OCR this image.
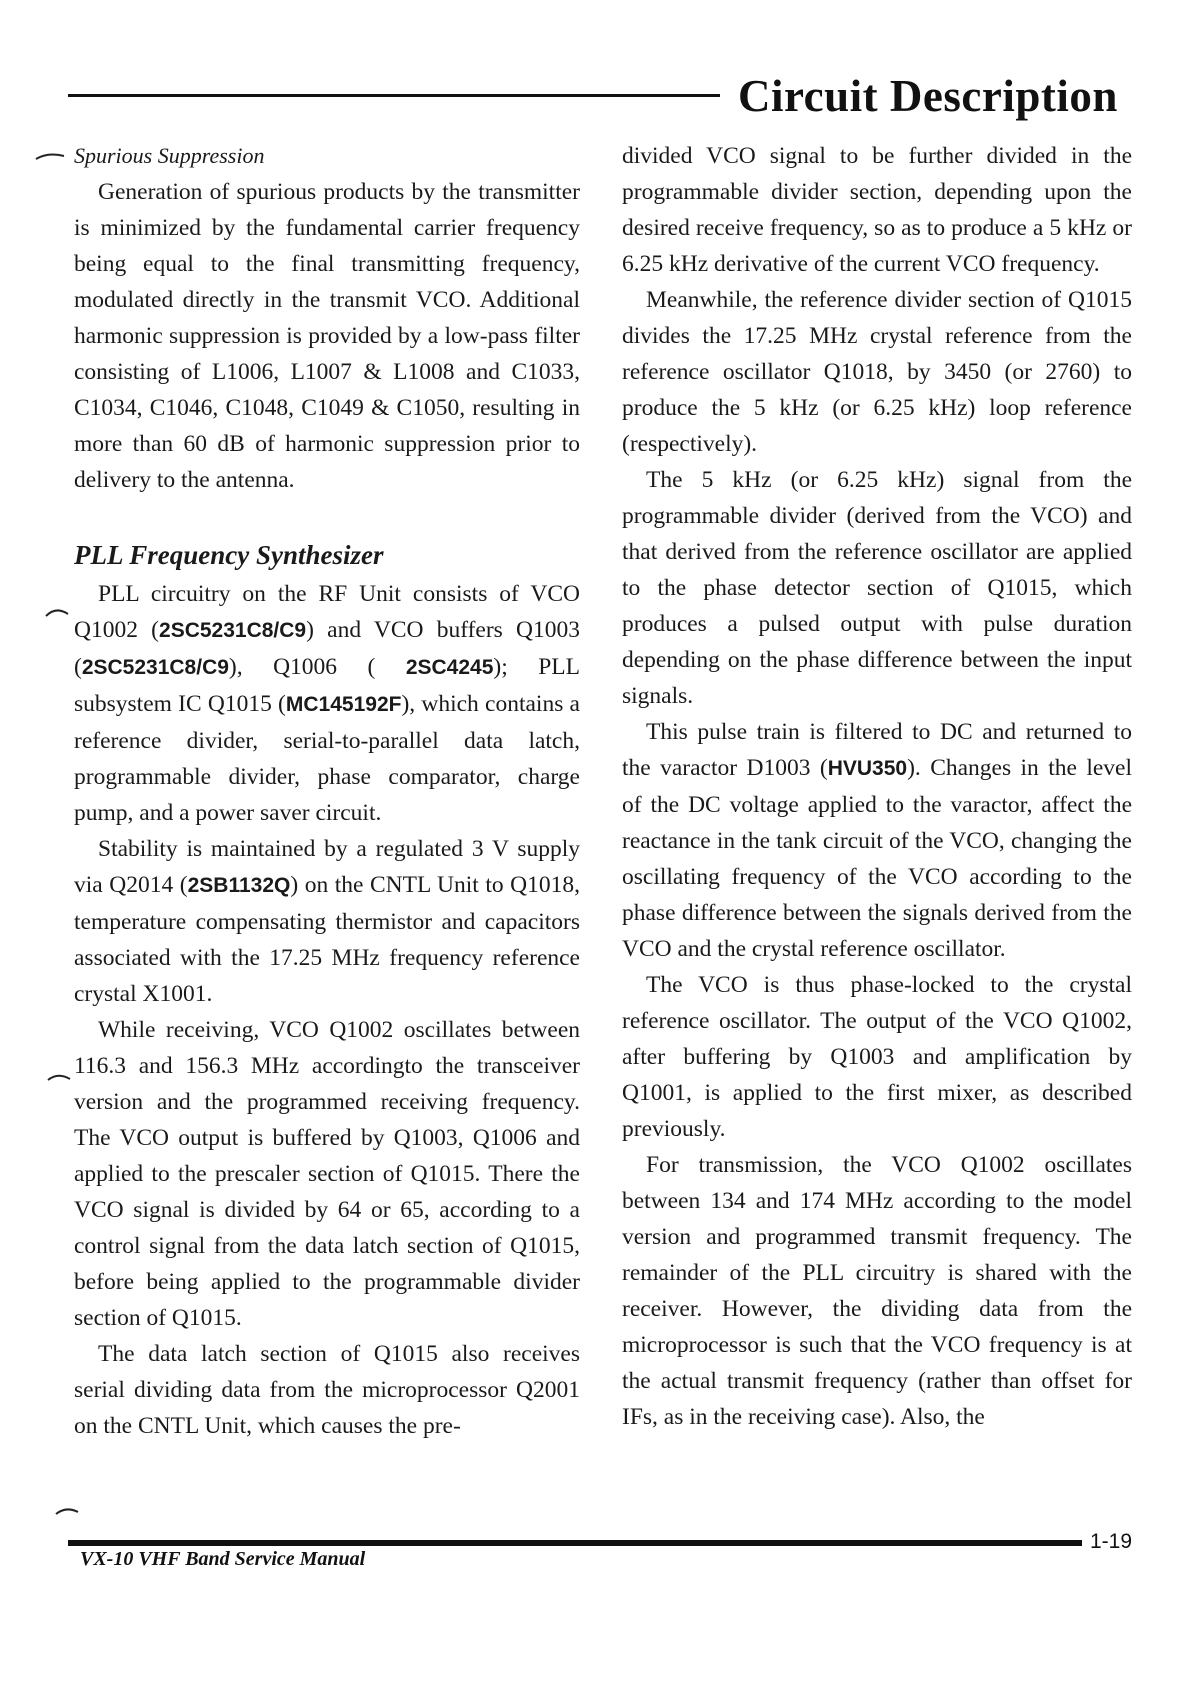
Circuit Description

Spurious Suppression

Generation of spurious products by the transmitter is minimized by the fundamental carrier frequency being equal to the final transmitting frequency, modulated directly in the transmit VCO. Additional harmonic suppression is provided by a low-pass filter consisting of L1006, L1007 & L1008 and C1033, C1034, C1046, C1048, C1049 & C1050, resulting in more than 60 dB of harmonic suppression prior to delivery to the antenna.

PLL Frequency Synthesizer

PLL circuitry on the RF Unit consists of VCO Q1002 (2SC5231C8/C9) and VCO buffers Q1003 (2SC5231C8/C9), Q1006 ( 2SC4245); PLL subsystem IC Q1015 (MC145192F), which contains a reference divider, serial-to-parallel data latch, programmable divider, phase comparator, charge pump, and a power saver circuit.

Stability is maintained by a regulated 3 V supply via Q2014 (2SB1132Q) on the CNTL Unit to Q1018, temperature compensating thermistor and capacitors associated with the 17.25 MHz frequency reference crystal X1001.

While receiving, VCO Q1002 oscillates between 116.3 and 156.3 MHz accordingto the transceiver version and the programmed receiving frequency. The VCO output is buffered by Q1003, Q1006 and applied to the prescaler section of Q1015. There the VCO signal is divided by 64 or 65, according to a control signal from the data latch section of Q1015, before being applied to the programmable divider section of Q1015.

The data latch section of Q1015 also receives serial dividing data from the microprocessor Q2001 on the CNTL Unit, which causes the pre-

divided VCO signal to be further divided in the programmable divider section, depending upon the desired receive frequency, so as to produce a 5 kHz or 6.25 kHz derivative of the current VCO frequency.

Meanwhile, the reference divider section of Q1015 divides the 17.25 MHz crystal reference from the reference oscillator Q1018, by 3450 (or 2760) to produce the 5 kHz (or 6.25 kHz) loop reference (respectively).

The 5 kHz (or 6.25 kHz) signal from the programmable divider (derived from the VCO) and that derived from the reference oscillator are applied to the phase detector section of Q1015, which produces a pulsed output with pulse duration depending on the phase difference between the input signals.

This pulse train is filtered to DC and returned to the varactor D1003 (HVU350). Changes in the level of the DC voltage applied to the varactor, affect the reactance in the tank circuit of the VCO, changing the oscillating frequency of the VCO according to the phase difference between the signals derived from the VCO and the crystal reference oscillator.

The VCO is thus phase-locked to the crystal reference oscillator. The output of the VCO Q1002, after buffering by Q1003 and amplification by Q1001, is applied to the first mixer, as described previously.

For transmission, the VCO Q1002 oscillates between 134 and 174 MHz according to the model version and programmed transmit frequency. The remainder of the PLL circuitry is shared with the receiver. However, the dividing data from the microprocessor is such that the VCO frequency is at the actual transmit frequency (rather than offset for IFs, as in the receiving case). Also, the

1-19
VX-10 VHF Band Service Manual
